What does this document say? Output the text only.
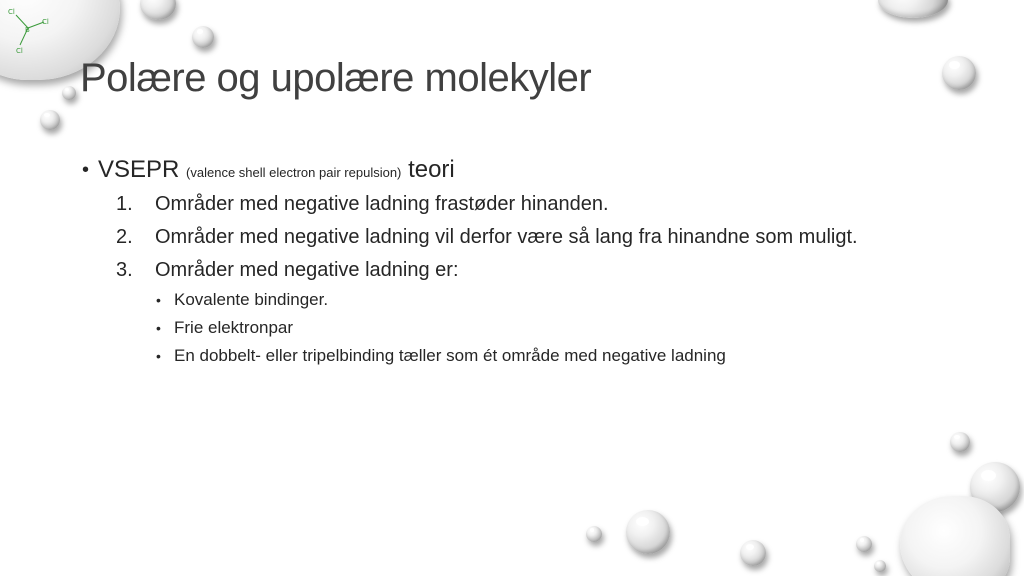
Cl
B
Cl
Cl
Polære og upolære molekyler
• VSEPR (valence shell electron pair repulsion) teori
1. Områder med negative ladning frastøder hinanden.
2. Områder med negative ladning vil derfor være så lang fra hinandne som muligt.
3. Områder med negative ladning er:
• Kovalente bindinger.
• Frie elektronpar
• En dobbelt- eller tripelbinding tæller som ét område med negative ladning
